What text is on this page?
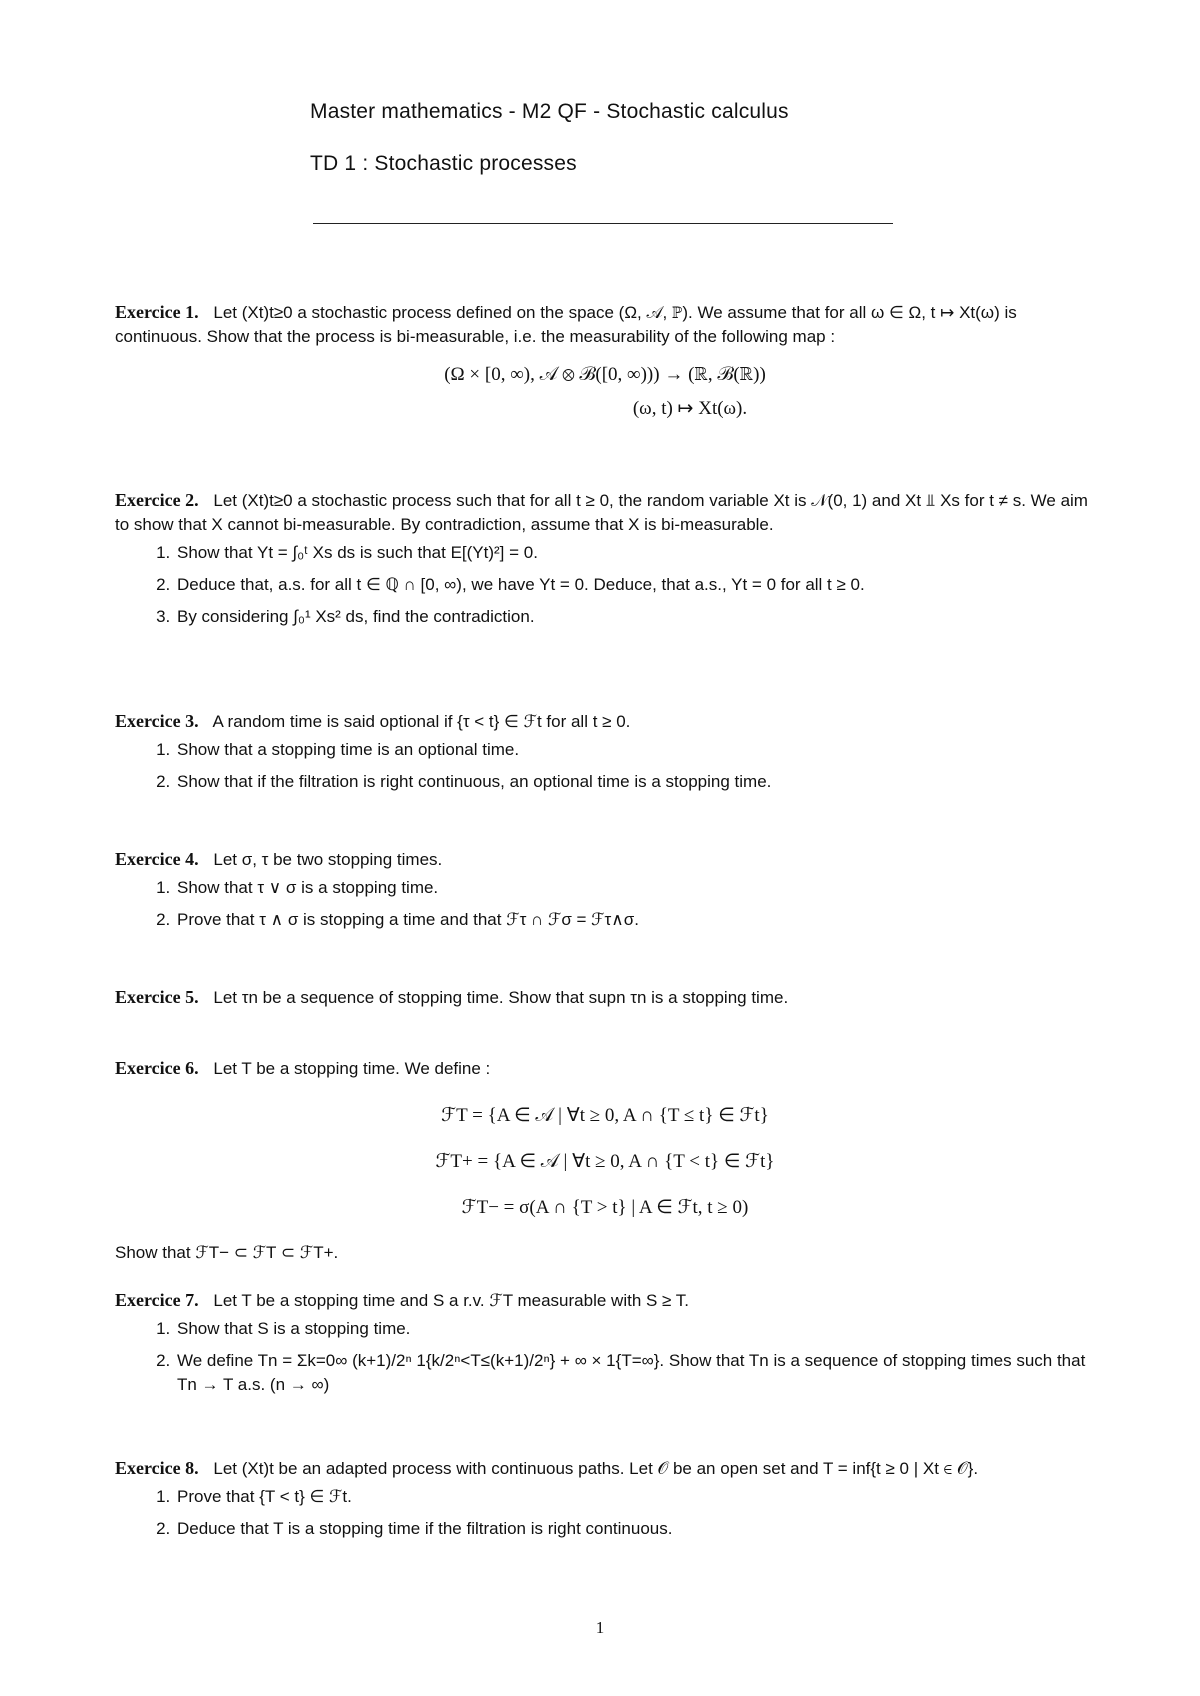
Master mathematics - M2 QF - Stochastic calculus
TD 1 : Stochastic processes
Exercice 1. Let (Xt)t≥0 a stochastic process defined on the space (Ω, 𝒜, ℙ). We assume that for all ω ∈ Ω, t ↦ Xt(ω) is continuous. Show that the process is bi-measurable, i.e. the measurability of the following map :
(Ω × [0, ∞), 𝒜 ⊗ ℬ([0, ∞))) → (ℝ, ℬ(ℝ))
(ω, t) ↦ Xt(ω).
Exercice 2. Let (Xt)t≥0 a stochastic process such that for all t ≥ 0, the random variable Xt is 𝒩(0, 1) and Xt ⫫ Xs for t ≠ s. We aim to show that X cannot bi-measurable. By contradiction, assume that X is bi-measurable.
1. Show that Yt = ∫₀ᵗ Xs ds is such that E[(Yt)²] = 0.
2. Deduce that, a.s. for all t ∈ ℚ ∩ [0, ∞), we have Yt = 0. Deduce, that a.s., Yt = 0 for all t ≥ 0.
3. By considering ∫₀¹ Xs² ds, find the contradiction.
Exercice 3. A random time is said optional if {τ < t} ∈ ℱt for all t ≥ 0.
1. Show that a stopping time is an optional time.
2. Show that if the filtration is right continuous, an optional time is a stopping time.
Exercice 4. Let σ, τ be two stopping times.
1. Show that τ ∨ σ is a stopping time.
2. Prove that τ ∧ σ is stopping a time and that ℱτ ∩ ℱσ = ℱτ∧σ.
Exercice 5. Let τn be a sequence of stopping time. Show that supn τn is a stopping time.
Exercice 6. Let T be a stopping time. We define :
ℱT = {A ∈ 𝒜 | ∀t ≥ 0, A ∩ {T ≤ t} ∈ ℱt}
ℱT+ = {A ∈ 𝒜 | ∀t ≥ 0, A ∩ {T < t} ∈ ℱt}
ℱT− = σ(A ∩ {T > t} | A ∈ ℱt, t ≥ 0)
Show that ℱT− ⊂ ℱT ⊂ ℱT+.
Exercice 7. Let T be a stopping time and S a r.v. ℱT measurable with S ≥ T.
1. Show that S is a stopping time.
2. We define Tn = Σk=0∞ (k+1)/2ⁿ 1{k/2ⁿ<T≤(k+1)/2ⁿ} + ∞ × 1{T=∞}. Show that Tn is a sequence of stopping times such that Tn → T a.s. (n → ∞)
Exercice 8. Let (Xt)t be an adapted process with continuous paths. Let 𝒪 be an open set and T = inf{t ≥ 0 | Xt ∈ 𝒪}.
1. Prove that {T < t} ∈ ℱt.
2. Deduce that T is a stopping time if the filtration is right continuous.
1
